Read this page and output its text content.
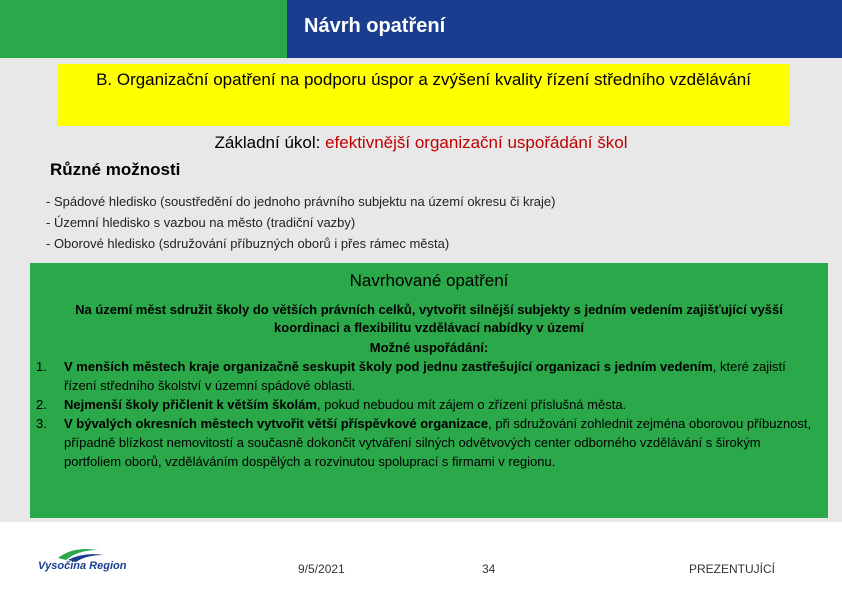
Návrh opatření
B. Organizační opatření na podporu úspor a zvýšení kvality řízení středního vzdělávání
Základní úkol: efektivnější organizační uspořádání škol
Různé možnosti
- Spádové hledisko (soustředění do jednoho právního subjektu na území okresu či kraje)
- Územní hledisko s vazbou na město (tradiční vazby)
- Oborové hledisko (sdružování příbuzných oborů i přes rámec města)
Navrhované opatření
Na území měst sdružit školy do větších právních celků, vytvořit silnější subjekty s jedním vedením zajišťující vyšší koordinaci a flexibilitu vzdělávací nabídky v území
Možné uspořádání:
1. V menších městech kraje organizačně seskupit školy pod jednu zastřešující organizaci s jedním vedením, které zajistí řízení středního školství v územní spádové oblasti.
2. Nejmenší školy přičlenit k větším školám, pokud nebudou mít zájem o zřízení příslušná města.
3. V bývalých okresních městech vytvořit větší příspěvkové organizace, při sdružování zohlednit zejména oborovou příbuznost, případně blízkost nemovitostí a současně dokončit vytváření silných odvětvových center odborného vzdělávání s širokým portfoliem oborů, vzděláváním dospělých a rozvinutou spoluprací s firmami v regionu.
Vysočina Region	9/5/2021	34	PREZENTUJÍCÍ
